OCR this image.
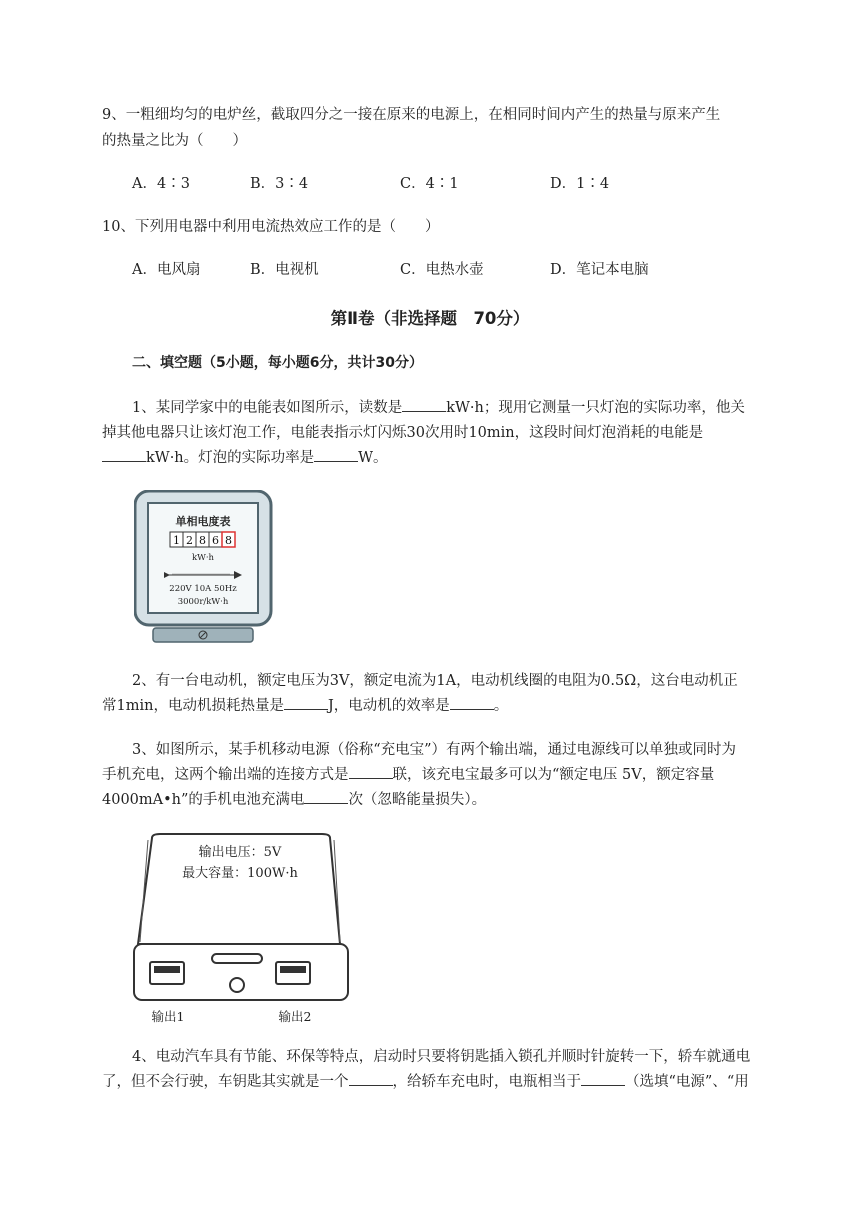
9、一粗细均匀的电炉丝，截取四分之一接在原来的电源上，在相同时间内产生的热量与原来产生
的热量之比为（　　）
A．4∶3	B．3∶4	C．4∶1	D．1∶4
10、下列用电器中利用电流热效应工作的是（　　）
A．电风扇	B．电视机	C．电热水壶	D．笔记本电脑
第Ⅱ卷（非选择题　70分）
二、填空题（5小题，每小题6分，共计30分）
1、某同学家中的电能表如图所示，读数是	kW·h；现用它测量一只灯泡的实际功率，他关
掉其他电器只让该灯泡工作，电能表指示灯闪烁30次用时10min，这段时间灯泡消耗的电能是
kW·h。灯泡的实际功率是	W。
单相电度表
1 2 8 6 8
kW·h
220V 10A 50Hz
3000r/kW·h
2、有一台电动机，额定电压为3V，额定电流为1A，电动机线圈的电阻为0.5Ω，这台电动机正
常1min，电动机损耗热量是	J，电动机的效率是	。
3、如图所示，某手机移动电源（俗称“充电宝”）有两个输出端，通过电源线可以单独或同时为
手机充电，这两个输出端的连接方式是	联，该充电宝最多可以为“额定电压 5V，额定容量
4000mA•h”的手机电池充满电	次（忽略能量损失）。
输出电压：5V
最大容量：100W·h
输出1	输出2
4、电动汽车具有节能、环保等特点，启动时只要将钥匙插入锁孔并顺时针旋转一下，轿车就通电
了，但不会行驶，车钥匙其实就是一个	，给轿车充电时，电瓶相当于	（选填“电源”、“用
